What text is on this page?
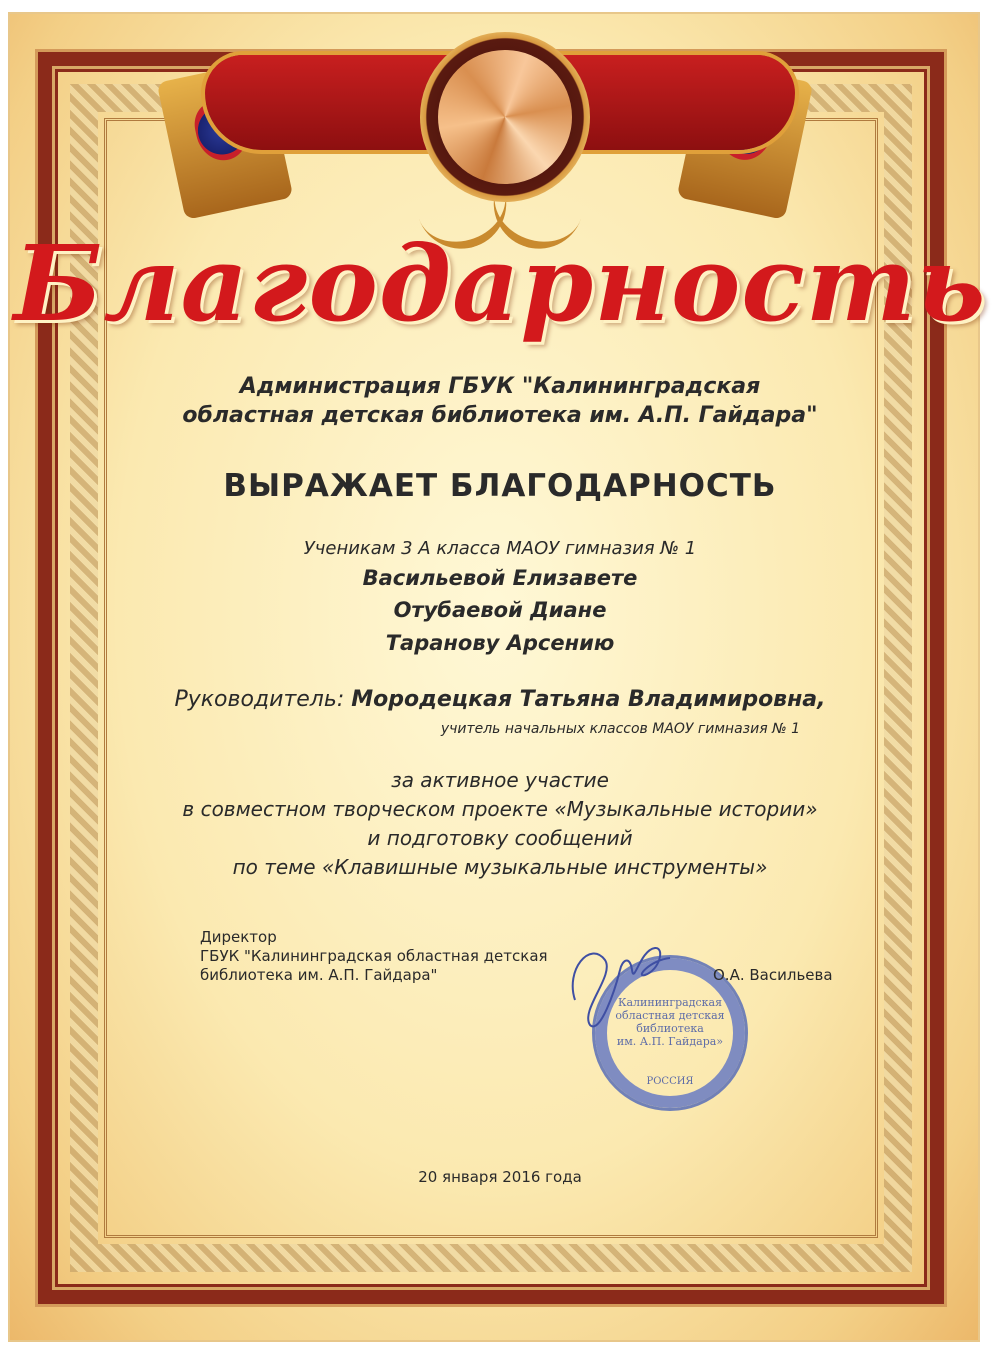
Благодарность

Администрация ГБУК "Калининградская областная детская библиотека им. А.П. Гайдара"

ВЫРАЖАЕТ БЛАГОДАРНОСТЬ

Ученикам 3 А класса МАОУ гимназия № 1

Васильевой Елизавете

Отубаевой Диане

Таранову Арсению

Руководитель: Мородецкая Татьяна Владимировна,

учитель начальных классов МАОУ гимназия № 1

за активное участие
в совместном творческом проекте «Музыкальные истории»
и подготовку сообщений
по теме «Клавишные музыкальные инструменты»
Директор
ГБУК "Калининградская областная детская
библиотека им. А.П. Гайдара"
Калининградская
областная детская
библиотека
им. А.П. Гайдара»
РОССИЯ
О.А. Васильева

20 января 2016 года
